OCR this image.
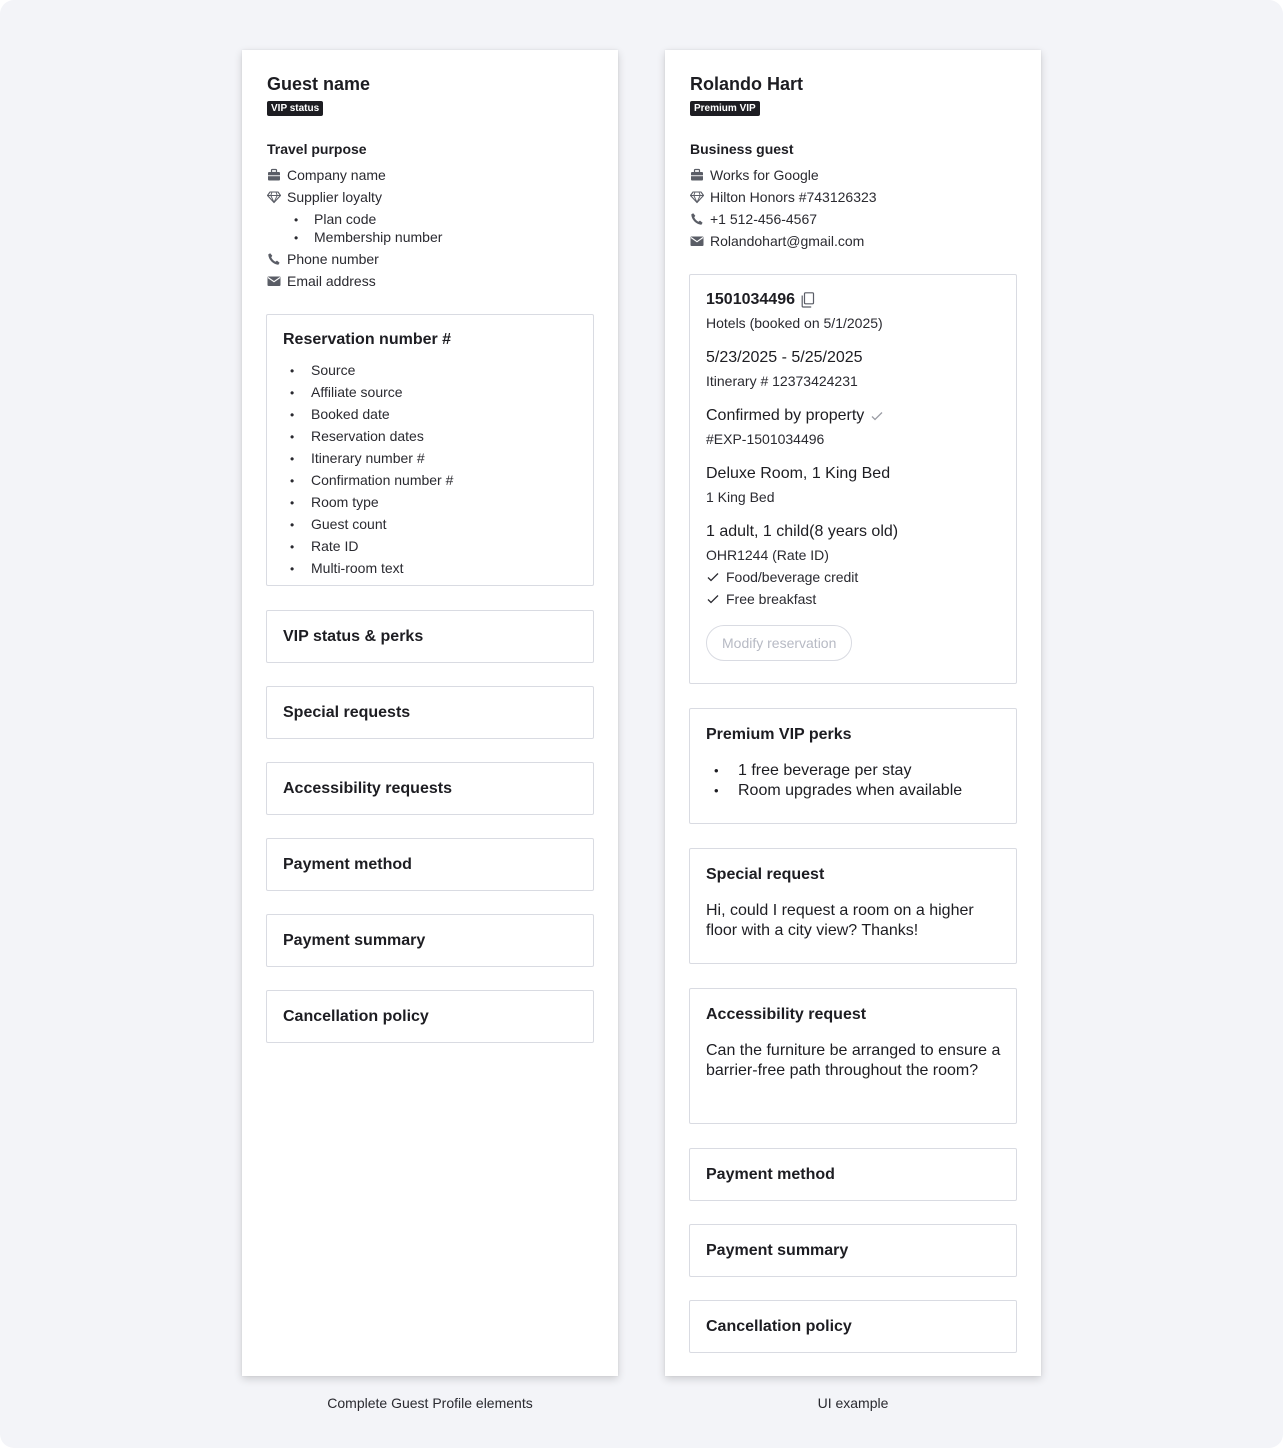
Guest name
VIP status
Travel purpose
Company name
Supplier loyalty
• Plan code
• Membership number
Phone number
Email address
Reservation number #
• Source
• Affiliate source
• Booked date
• Reservation dates
• Itinerary number #
• Confirmation number #
• Room type
• Guest count
• Rate ID
• Multi-room text
VIP status & perks
Special requests
Accessibility requests
Payment method
Payment summary
Cancellation policy
Rolando Hart
Premium VIP
Business guest
Works for Google
Hilton Honors #743126323
+1 512-456-4567
Rolandohart@gmail.com
1501034496
Hotels (booked on 5/1/2025)
5/23/2025 - 5/25/2025
Itinerary # 12373424231
Confirmed by property
#EXP-1501034496
Deluxe Room, 1 King Bed
1 King Bed
1 adult, 1 child(8 years old)
OHR1244 (Rate ID)
Food/beverage credit
Free breakfast
Modify reservation
Premium VIP perks
• 1 free beverage per stay
• Room upgrades when available
Special request
Hi, could I request a room on a higher floor with a city view? Thanks!
Accessibility request
Can the furniture be arranged to ensure a barrier-free path throughout the room?
Payment method
Payment summary
Cancellation policy
Complete Guest Profile elements	UI example
